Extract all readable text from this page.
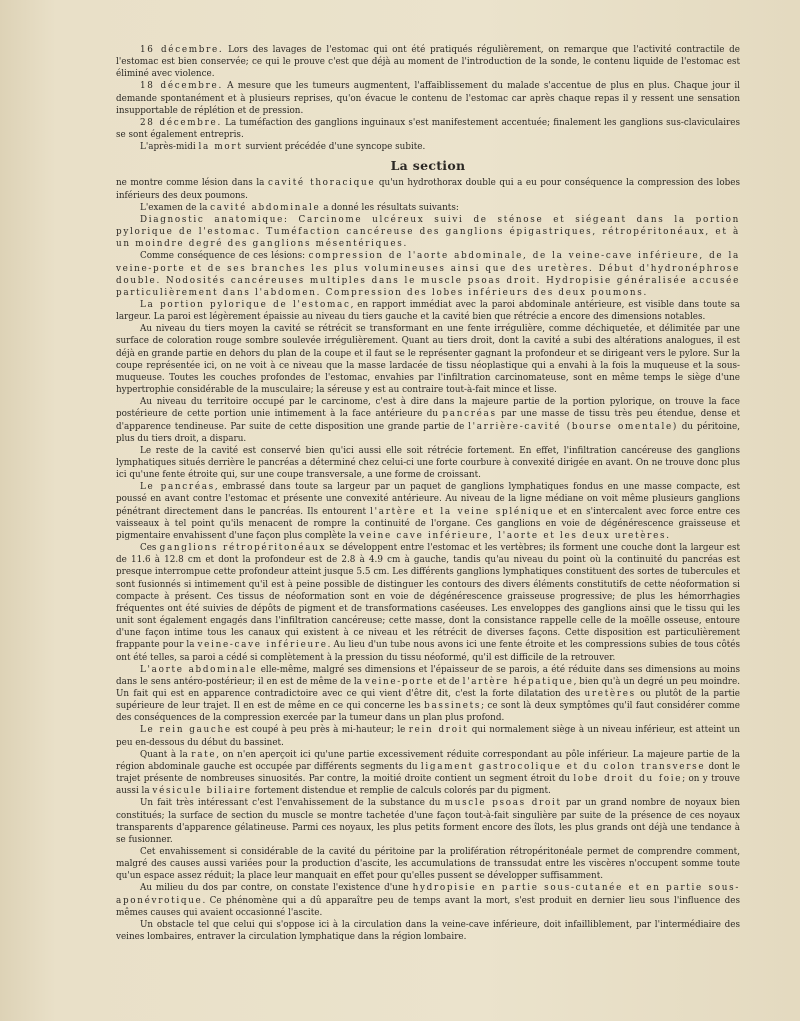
16 décembre. Lors des lavages de l'estomac qui ont été pratiqués régulièrement, on remarque que l'activité contractile de l'estomac est bien conservée; ce qui le prouve c'est que déjà au moment de l'introduction de la sonde, le contenu liquide de l'estomac est éliminé avec violence.

18 décembre. A mesure que les tumeurs augmentent, l'affaiblissement du malade s'accentue de plus en plus. Chaque jour il demande spontanément et à plusieurs reprises, qu'on évacue le contenu de l'estomac car après chaque repas il y ressent une sensation insupportable de réplétion et de pression.

28 décembre. La tuméfaction des ganglions inguinaux s'est manifestement accentuée; finalement les ganglions sus-claviculaires se sont également entrepris.

L'après-midi la mort survient précédée d'une syncope subite.

La section

ne montre comme lésion dans la cavité thoracique qu'un hydrothorax double qui a eu pour conséquence la compression des lobes inférieurs des deux poumons.

L'examen de la cavité abdominale a donné les résultats suivants:

Diagnostic anatomique: Carcinome ulcéreux suivi de sténose et siégeant dans la portion pylorique de l'estomac. Tuméfaction cancéreuse des ganglions épigastriques, rétropéritonéaux, et à un moindre degré des ganglions mésentériques.

Comme conséquence de ces lésions: compression de l'aorte abdominale, de la veine-cave inférieure, de la veine-porte et de ses branches les plus volumineuses ainsi que des uretères. Début d'hydronéphrose double. Nodosités cancéreuses multiples dans le muscle psoas droit. Hydropisie généralisée accusée particulièrement dans l'abdomen. Compression des lobes inférieurs des deux poumons.

La portion pylorique de l'estomac, en rapport immédiat avec la paroi abdominale antérieure, est visible dans toute sa largeur. La paroi est légèrement épaissie au niveau du tiers gauche et la cavité bien que rétrécie a encore des dimensions notables.

Au niveau du tiers moyen la cavité se rétrécit se transformant en une fente irrégulière, comme déchiquetée, et délimitée par une surface de coloration rouge sombre soulevée irrégulièrement. Quant au tiers droit, dont la cavité a subi des altérations analogues, il est déjà en grande partie en dehors du plan de la coupe et il faut se le représenter gagnant la profondeur et se dirigeant vers le pylore. Sur la coupe représentée ici, on ne voit à ce niveau que la masse lardacée de tissu néoplastique qui a envahi à la fois la muqueuse et la sous-muqueuse. Toutes les couches profondes de l'estomac, envahies par l'infiltration carcinomateuse, sont en même temps le siège d'une hypertrophie considérable de la musculaire; la séreuse y est au contraire tout-à-fait mince et lisse.

Au niveau du territoire occupé par le carcinome, c'est à dire dans la majeure partie de la portion pylorique, on trouve la face postérieure de cette portion unie intimement à la face antérieure du pancréas par une masse de tissu très peu étendue, dense et d'apparence tendineuse. Par suite de cette disposition une grande partie de l'arrière-cavité (bourse omentale) du péritoine, plus du tiers droit, a disparu.

Le reste de la cavité est conservé bien qu'ici aussi elle soit rétrécie fortement. En effet, l'infiltration cancéreuse des ganglions lymphatiques situés derrière le pancréas a déterminé chez celui-ci une forte courbure à convexité dirigée en avant. On ne trouve donc plus ici qu'une fente étroite qui, sur une coupe transversale, a une forme de croissant.

Le pancréas, embrassé dans toute sa largeur par un paquet de ganglions lymphatiques fondus en une masse compacte, est poussé en avant contre l'estomac et présente une convexité antérieure. Au niveau de la ligne médiane on voit même plusieurs ganglions pénétrant directement dans le pancréas. Ils entourent l'artère et la veine splénique et en s'intercalent avec force entre ces vaisseaux à tel point qu'ils menacent de rompre la continuité de l'organe. Ces ganglions en voie de dégénérescence graisseuse et pigmentaire envahissent d'une façon plus complète la veine cave inférieure, l'aorte et les deux uretères.

Ces ganglions rétropéritonéaux se développent entre l'estomac et les vertèbres; ils forment une couche dont la largeur est de 11.6 à 12.8 cm et dont la profondeur est de 2.8 à 4.9 cm à gauche, tandis qu'au niveau du point où la continuité du pancréas est presque interrompue cette profondeur atteint jusque 5.5 cm. Les différents ganglions lymphatiques constituent des sortes de tubercules et sont fusionnés si intimement qu'il est à peine possible de distinguer les contours des divers éléments constitutifs de cette néoformation si compacte à présent. Ces tissus de néoformation sont en voie de dégénérescence graisseuse progressive; de plus les hémorrhagies fréquentes ont été suivies de dépôts de pigment et de transformations caséeuses. Les enveloppes des ganglions ainsi que le tissu qui les unit sont également engagés dans l'infiltration cancéreuse; cette masse, dont la consistance rappelle celle de la moëlle osseuse, entoure d'une façon intime tous les canaux qui existent à ce niveau et les rétrécit de diverses façons. Cette disposition est particulièrement frappante pour la veine-cave inférieure. Au lieu d'un tube nous avons ici une fente étroite et les compressions subies de tous côtés ont été telles, sa paroi a cédé si complètement à la pression du tissu néoformé, qu'il est difficile de la retrouver.

L'aorte abdominale elle-même, malgré ses dimensions et l'épaisseur de se parois, a été réduite dans ses dimensions au moins dans le sens antéro-postérieur; il en est de même de la veine-porte et de l'artère hépatique, bien qu'à un degré un peu moindre. Un fait qui est en apparence contradictoire avec ce qui vient d'être dit, c'est la forte dilatation des uretères ou plutôt de la partie supérieure de leur trajet. Il en est de même en ce qui concerne les bassinets; ce sont là deux symptômes qu'il faut considérer comme des conséquences de la compression exercée par la tumeur dans un plan plus profond.

Le rein gauche est coupé à peu près à mi-hauteur; le rein droit qui normalement siège à un niveau inférieur, est atteint un peu en-dessous du début du bassinet.

Quant à la rate, on n'en aperçoit ici qu'une partie excessivement réduite correspondant au pôle inférieur. La majeure partie de la région abdominale gauche est occupée par différents segments du ligament gastrocolique et du colon transverse dont le trajet présente de nombreuses sinuosités. Par contre, la moitié droite contient un segment étroit du lobe droit du foie; on y trouve aussi la vésicule biliaire fortement distendue et remplie de calculs colorés par du pigment.

Un fait très intéressant c'est l'envahissement de la substance du muscle psoas droit par un grand nombre de noyaux bien constitués; la surface de section du muscle se montre tachetée d'une façon tout-à-fait singulière par suite de la présence de ces noyaux transparents d'apparence gélatineuse. Parmi ces noyaux, les plus petits forment encore des îlots, les plus grands ont déjà une tendance à se fusionner.

Cet envahissement si considérable de la cavité du péritoine par la prolifération rétropéritonéale permet de comprendre comment, malgré des causes aussi variées pour la production d'ascite, les accumulations de transsudat entre les viscères n'occupent somme toute qu'un espace assez réduit; la place leur manquait en effet pour qu'elles pussent se développer suffisamment.

Au milieu du dos par contre, on constate l'existence d'une hydropisie en partie sous-cutanée et en partie sous-aponévrotique. Ce phénomène qui a dû apparaître peu de temps avant la mort, s'est produit en dernier lieu sous l'influence des mêmes causes qui avaient occasionné l'ascite.

Un obstacle tel que celui qui s'oppose ici à la circulation dans la veine-cave inférieure, doit infailliblement, par l'intermédiaire des veines lombaires, entraver la circulation lymphatique dans la région lombaire.
